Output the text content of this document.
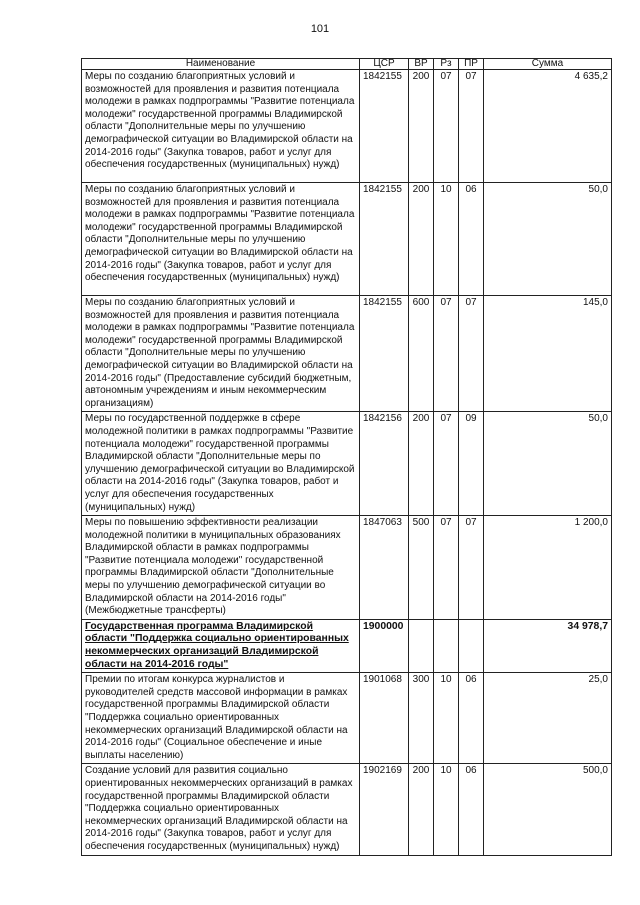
101
Наименование	ЦСР	ВР	Рз	ПР	Сумма
Меры по созданию благоприятных условий и возможностей для проявления и развития потенциала молодежи в рамках подпрограммы "Развитие потенциала молодежи" государственной программы Владимирской области "Дополнительные меры по улучшению демографической ситуации во Владимирской области на 2014-2016 годы" (Закупка товаров, работ и услуг для обеспечения государственных (муниципальных) нужд)	1842155	200	07	07	4 635,2
Меры по созданию благоприятных условий и возможностей для проявления и развития потенциала молодежи в рамках подпрограммы "Развитие потенциала молодежи" государственной программы Владимирской области "Дополнительные меры по улучшению демографической ситуации во Владимирской области на 2014-2016 годы" (Закупка товаров, работ и услуг для обеспечения государственных (муниципальных) нужд)	1842155	200	10	06	50,0
Меры по созданию благоприятных условий и возможностей для проявления и развития потенциала молодежи в рамках подпрограммы "Развитие потенциала молодежи" государственной программы Владимирской области "Дополнительные меры по улучшению демографической ситуации во Владимирской области на 2014-2016 годы" (Предоставление субсидий бюджетным, автономным учреждениям и иным некоммерческим организациям)	1842155	600	07	07	145,0
Меры по государственной поддержке в сфере молодежной политики в рамках подпрограммы "Развитие потенциала молодежи" государственной программы Владимирской области "Дополнительные меры по улучшению демографической ситуации во Владимирской области на 2014-2016 годы" (Закупка товаров, работ и услуг для обеспечения государственных (муниципальных) нужд)	1842156	200	07	09	50,0
Меры по повышению эффективности реализации молодежной политики в муниципальных образованиях Владимирской области в рамках подпрограммы "Развитие потенциала молодежи" государственной программы Владимирской области "Дополнительные меры по улучшению демографической ситуации во Владимирской области на 2014-2016 годы" (Межбюджетные трансферты)	1847063	500	07	07	1 200,0
Государственная программа Владимирской области "Поддержка социально ориентированных некоммерческих организаций Владимирской области на 2014-2016 годы"	1900000				34 978,7
Премии по итогам конкурса журналистов и руководителей средств массовой информации в рамках государственной программы Владимирской области "Поддержка социально ориентированных некоммерческих организаций Владимирской области на 2014-2016 годы" (Социальное обеспечение и иные выплаты населению)	1901068	300	10	06	25,0
Создание условий для развития социально ориентированных некоммерческих организаций в рамках государственной программы Владимирской области "Поддержка социально ориентированных некоммерческих организаций Владимирской области на 2014-2016 годы" (Закупка товаров, работ и услуг для обеспечения государственных (муниципальных) нужд)	1902169	200	10	06	500,0
